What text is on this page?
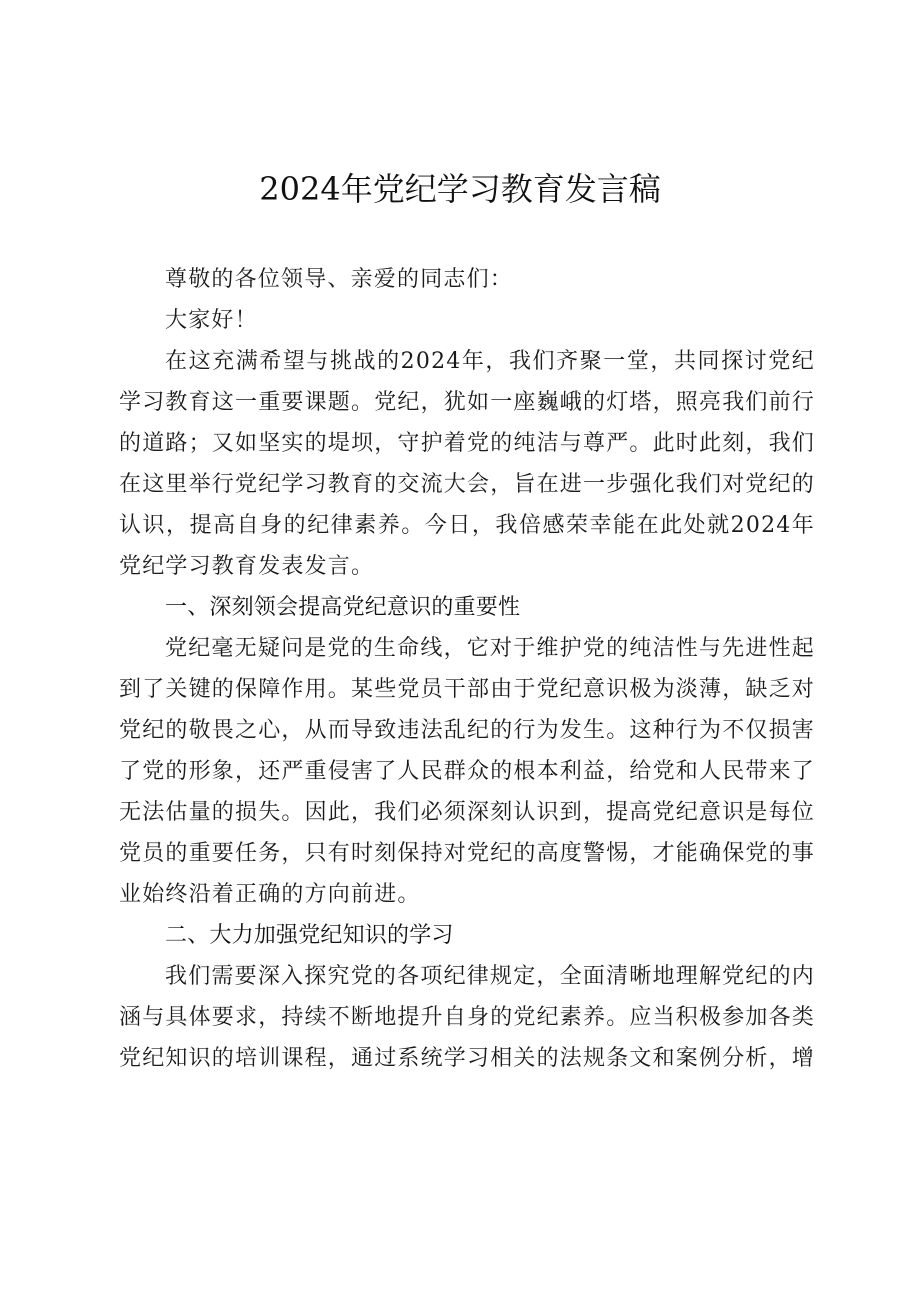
2024年党纪学习教育发言稿

尊敬的各位领导、亲爱的同志们：

大家好！

在这充满希望与挑战的2024年，我们齐聚一堂，共同探讨党纪学习教育这一重要课题。党纪，犹如一座巍峨的灯塔，照亮我们前行的道路；又如坚实的堤坝，守护着党的纯洁与尊严。此时此刻，我们在这里举行党纪学习教育的交流大会，旨在进一步强化我们对党纪的认识，提高自身的纪律素养。今日，我倍感荣幸能在此处就2024年党纪学习教育发表发言。

一、深刻领会提高党纪意识的重要性

党纪毫无疑问是党的生命线，它对于维护党的纯洁性与先进性起到了关键的保障作用。某些党员干部由于党纪意识极为淡薄，缺乏对党纪的敬畏之心，从而导致违法乱纪的行为发生。这种行为不仅损害了党的形象，还严重侵害了人民群众的根本利益，给党和人民带来了无法估量的损失。因此，我们必须深刻认识到，提高党纪意识是每位党员的重要任务，只有时刻保持对党纪的高度警惕，才能确保党的事业始终沿着正确的方向前进。

二、大力加强党纪知识的学习

我们需要深入探究党的各项纪律规定，全面清晰地理解党纪的内涵与具体要求，持续不断地提升自身的党纪素养。应当积极参加各类党纪知识的培训课程，通过系统学习相关的法规条文和案例分析，增
